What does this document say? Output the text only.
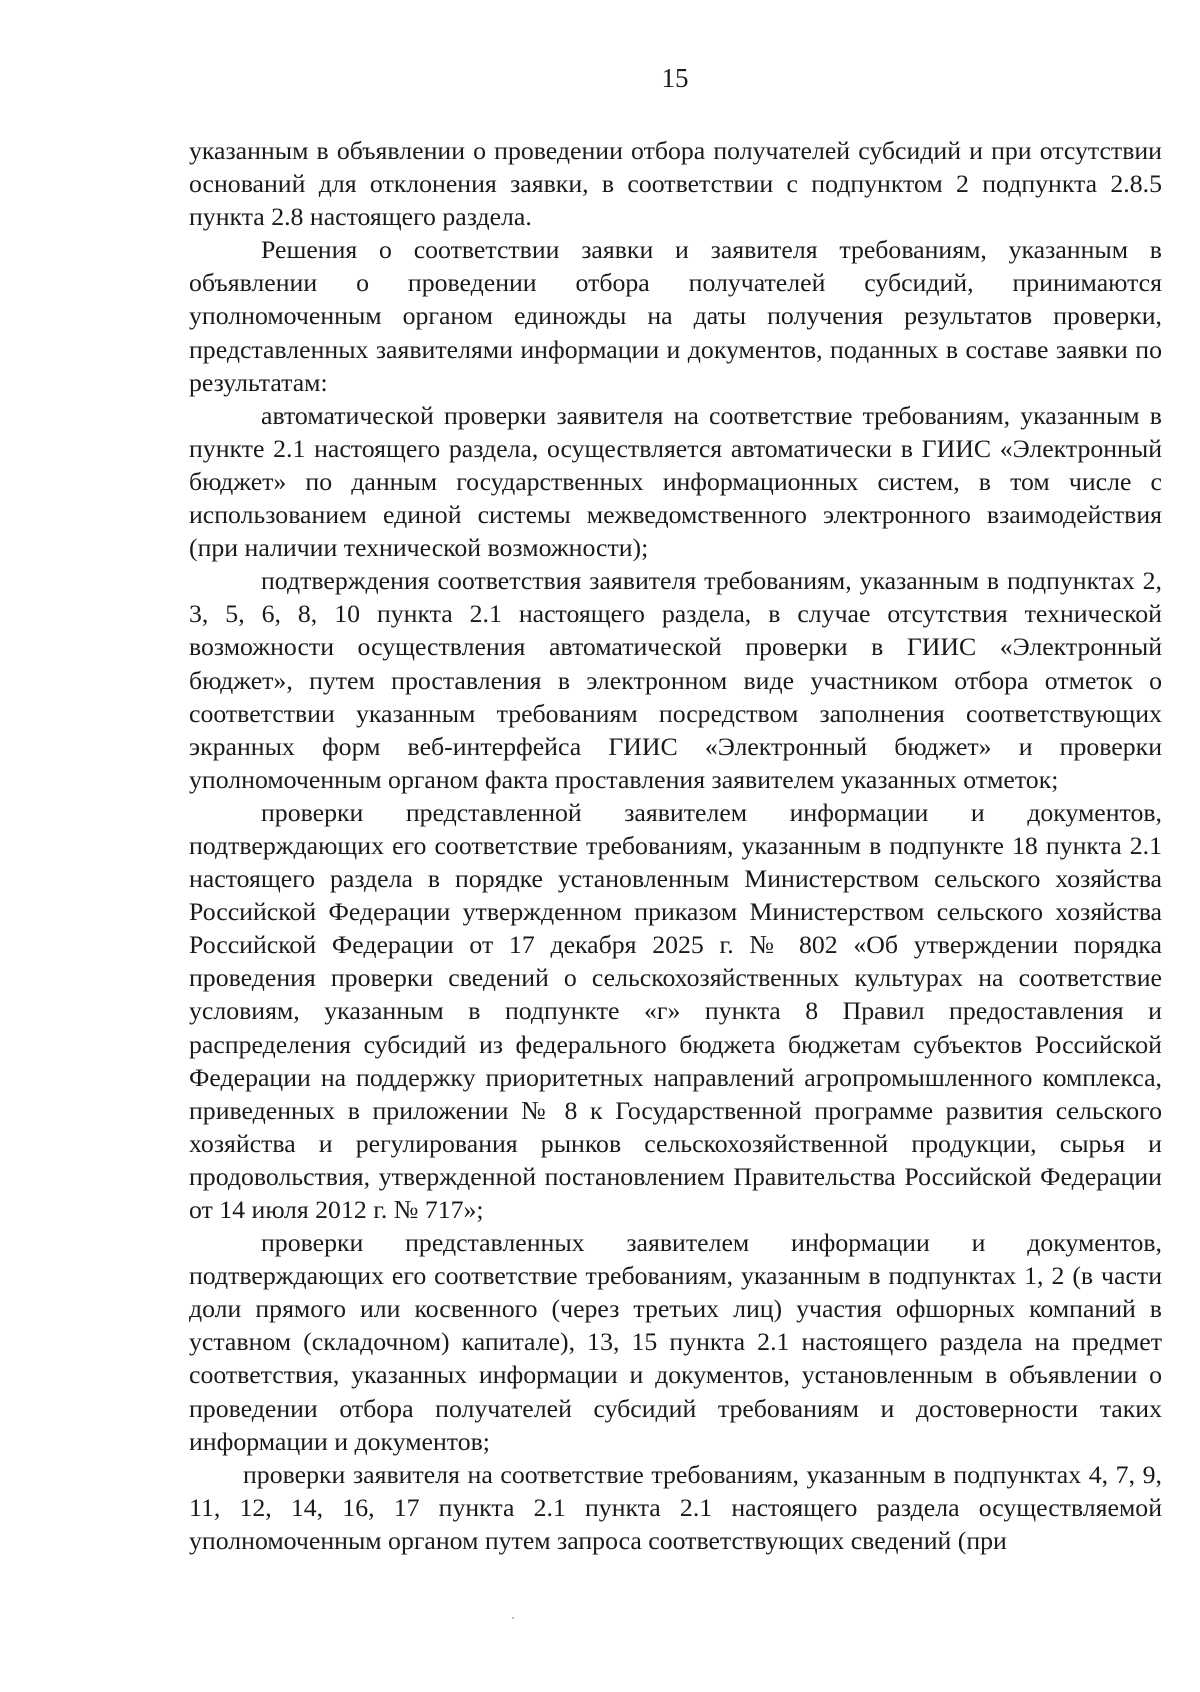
15

указанным в объявлении о проведении отбора получателей субсидий и при отсутствии оснований для отклонения заявки, в соответствии с подпунктом 2 подпункта 2.8.5 пункта 2.8 настоящего раздела.

Решения о соответствии заявки и заявителя требованиям, указанным в объявлении о проведении отбора получателей субсидий, принимаются уполномоченным органом единожды на даты получения результатов проверки, представленных заявителями информации и документов, поданных в составе заявки по результатам:

автоматической проверки заявителя на соответствие требованиям, указанным в пункте 2.1 настоящего раздела, осуществляется автоматически в ГИИС «Электронный бюджет» по данным государственных информационных систем, в том числе с использованием единой системы межведомственного электронного взаимодействия (при наличии технической возможности);

подтверждения соответствия заявителя требованиям, указанным в подпунктах 2, 3, 5, 6, 8, 10 пункта 2.1 настоящего раздела, в случае отсутствия технической возможности осуществления автоматической проверки в ГИИС «Электронный бюджет», путем проставления в электронном виде участником отбора отметок о соответствии указанным требованиям посредством заполнения соответствующих экранных форм веб-интерфейса ГИИС «Электронный бюджет» и проверки уполномоченным органом факта проставления заявителем указанных отметок;

проверки представленной заявителем информации и документов, подтверждающих его соответствие требованиям, указанным в подпункте 18 пункта 2.1 настоящего раздела в порядке установленным Министерством сельского хозяйства Российской Федерации утвержденном приказом Министерством сельского хозяйства Российской Федерации от 17 декабря 2025 г. № 802 «Об утверждении порядка проведения проверки сведений о сельскохозяйственных культурах на соответствие условиям, указанным в подпункте «г» пункта 8 Правил предоставления и распределения субсидий из федерального бюджета бюджетам субъектов Российской Федерации на поддержку приоритетных направлений агропромышленного комплекса, приведенных в приложении № 8 к Государственной программе развития сельского хозяйства и регулирования рынков сельскохозяйственной продукции, сырья и продовольствия, утвержденной постановлением Правительства Российской Федерации от 14 июля 2012 г. № 717»;

проверки представленных заявителем информации и документов, подтверждающих его соответствие требованиям, указанным в подпунктах 1, 2 (в части доли прямого или косвенного (через третьих лиц) участия офшорных компаний в уставном (складочном) капитале), 13, 15 пункта 2.1 настоящего раздела на предмет соответствия, указанных информации и документов, установленным в объявлении о проведении отбора получателей субсидий требованиям и достоверности таких информации и документов;

проверки заявителя на соответствие требованиям, указанным в подпунктах 4, 7, 9, 11, 12, 14, 16, 17 пункта 2.1 пункта 2.1 настоящего раздела осуществляемой уполномоченным органом путем запроса соответствующих сведений (при
